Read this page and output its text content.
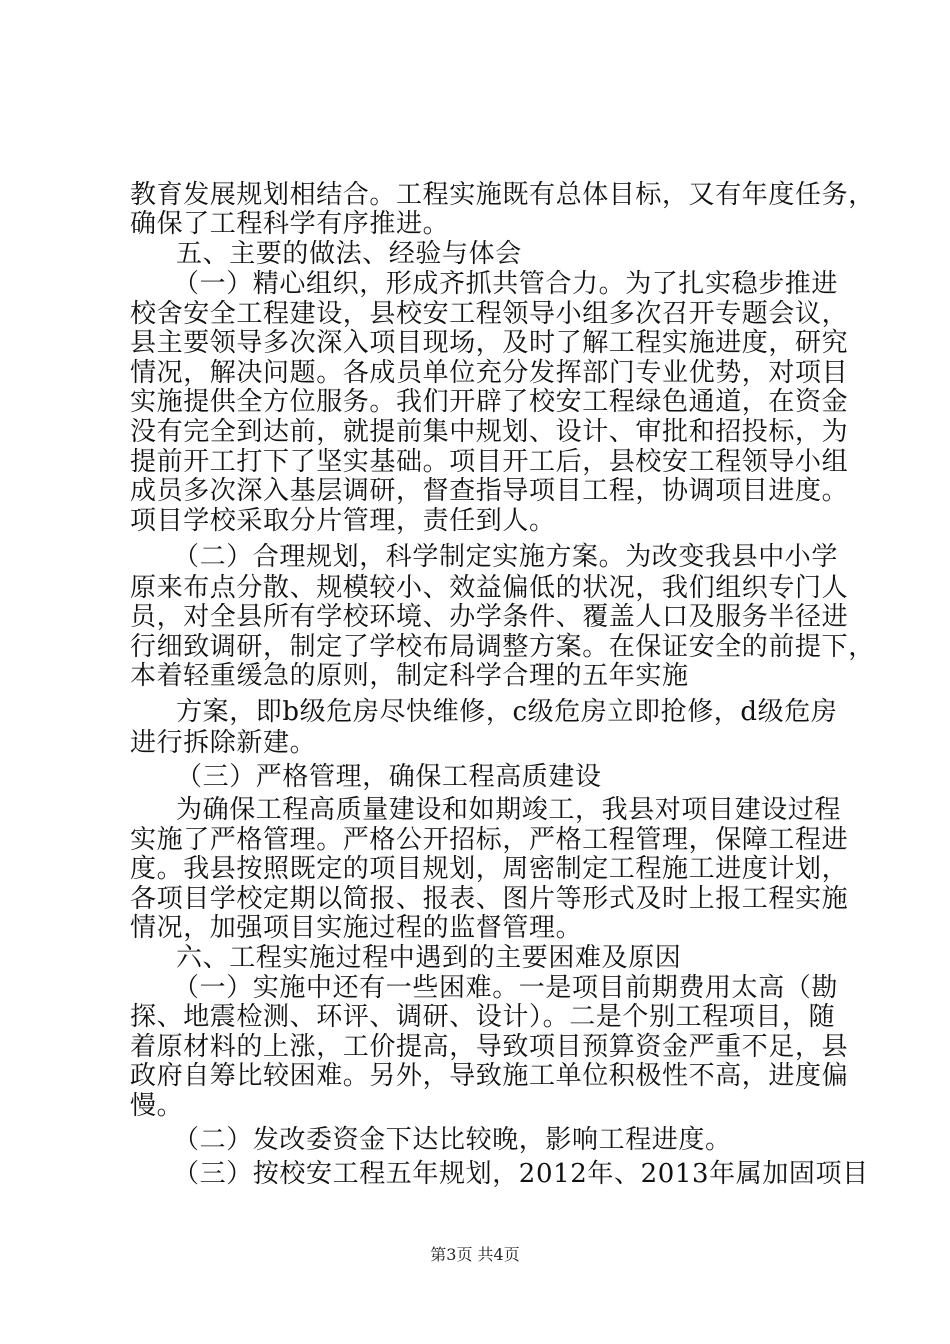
教育发展规划相结合。工程实施既有总体目标，又有年度任务，
确保了工程科学有序推进。
五、主要的做法、经验与体会
（一）精心组织，形成齐抓共管合力。为了扎实稳步推进
校舍安全工程建设，县校安工程领导小组多次召开专题会议，
县主要领导多次深入项目现场，及时了解工程实施进度，研究
情况，解决问题。各成员单位充分发挥部门专业优势，对项目
实施提供全方位服务。我们开辟了校安工程绿色通道，在资金
没有完全到达前，就提前集中规划、设计、审批和招投标，为
提前开工打下了坚实基础。项目开工后，县校安工程领导小组
成员多次深入基层调研，督查指导项目工程，协调项目进度。
项目学校采取分片管理，责任到人。
（二）合理规划，科学制定实施方案。为改变我县中小学
原来布点分散、规模较小、效益偏低的状况，我们组织专门人
员，对全县所有学校环境、办学条件、覆盖人口及服务半径进
行细致调研，制定了学校布局调整方案。在保证安全的前提下，
本着轻重缓急的原则，制定科学合理的五年实施
方案，即b级危房尽快维修，c级危房立即抢修，d级危房
进行拆除新建。
（三）严格管理，确保工程高质建设
为确保工程高质量建设和如期竣工，我县对项目建设过程
实施了严格管理。严格公开招标，严格工程管理，保障工程进
度。我县按照既定的项目规划，周密制定工程施工进度计划，
各项目学校定期以简报、报表、图片等形式及时上报工程实施
情况，加强项目实施过程的监督管理。
六、工程实施过程中遇到的主要困难及原因
（一）实施中还有一些困难。一是项目前期费用太高（勘
探、地震检测、环评、调研、设计）。二是个别工程项目，随
着原材料的上涨，工价提高，导致项目预算资金严重不足，县
政府自筹比较困难。另外，导致施工单位积极性不高，进度偏
慢。
（二）发改委资金下达比较晚，影响工程进度。
（三）按校安工程五年规划，2012年、2013年属加固项目
第3页 共4页
